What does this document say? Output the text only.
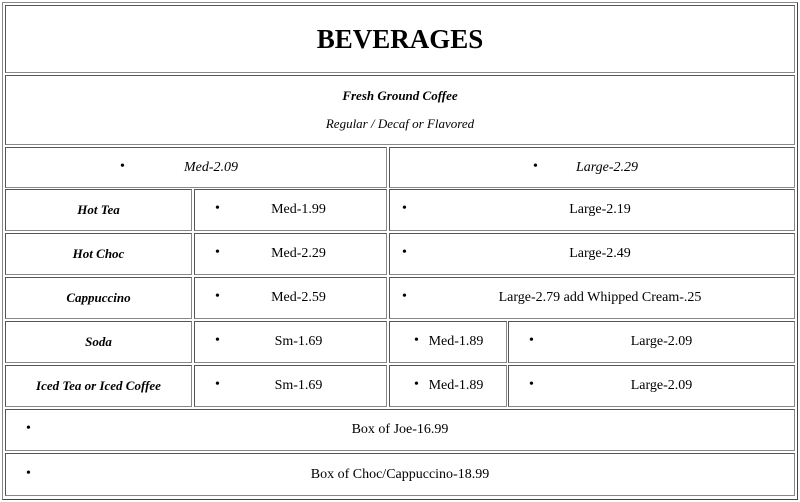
BEVERAGES
Fresh Ground Coffee
Regular / Decaf or Flavored
•	Med-2.09	•	Large-2.29
Hot Tea	•	Med-1.99	•	Large-2.19
Hot Choc	•	Med-2.29	•	Large-2.49
Cappuccino	•	Med-2.59	•	Large-2.79 add Whipped Cream-.25
Soda	•	Sm-1.69	• Med-1.89	•	Large-2.09
Iced Tea or Iced Coffee	•	Sm-1.69	• Med-1.89	•	Large-2.09
•	Box of Joe-16.99
•	Box of Choc/Cappuccino-18.99
